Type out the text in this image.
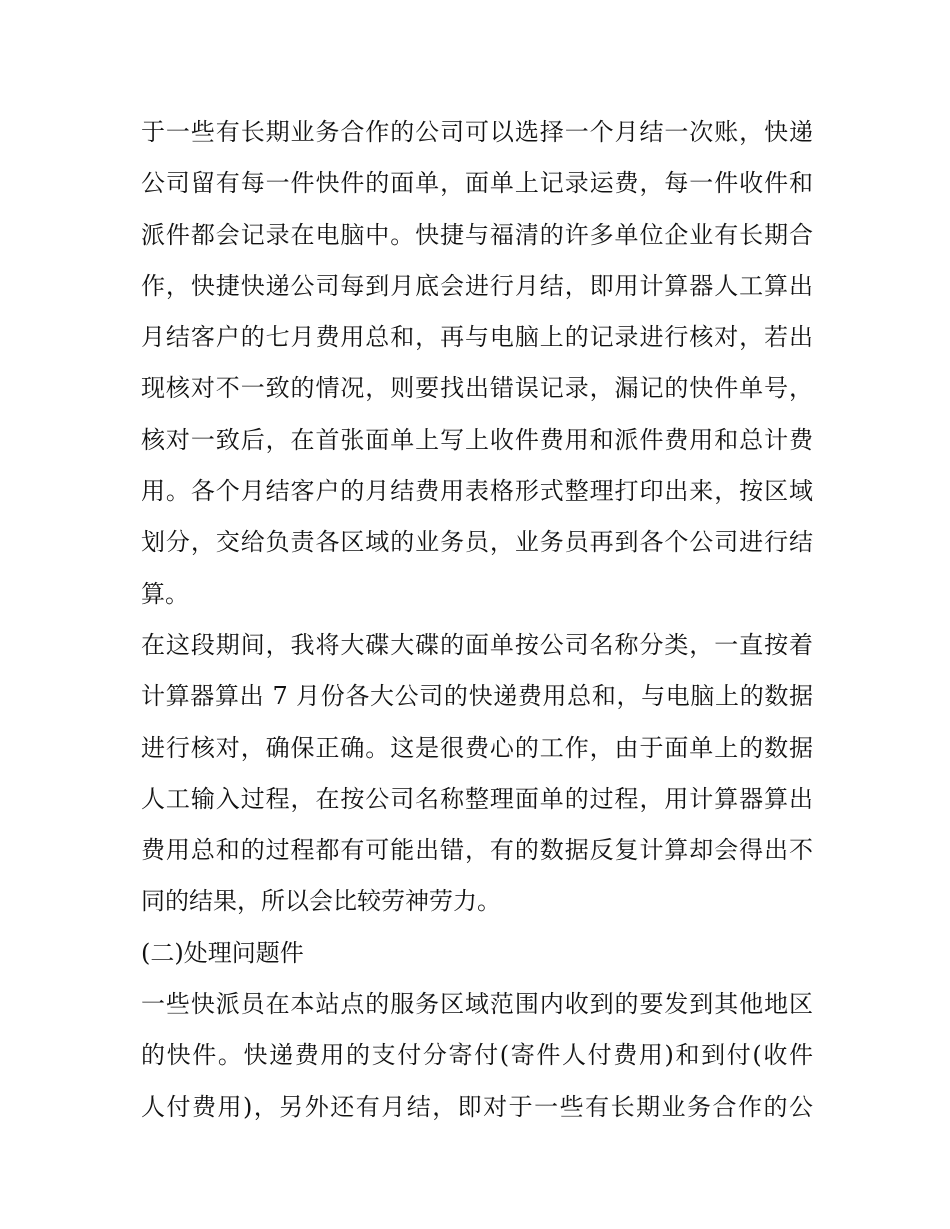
于一些有长期业务合作的公司可以选择一个月结一次账，快递
公司留有每一件快件的面单，面单上记录运费，每一件收件和
派件都会记录在电脑中。快捷与福清的许多单位企业有长期合
作，快捷快递公司每到月底会进行月结，即用计算器人工算出
月结客户的七月费用总和，再与电脑上的记录进行核对，若出
现核对不一致的情况，则要找出错误记录，漏记的快件单号，
核对一致后，在首张面单上写上收件费用和派件费用和总计费
用。各个月结客户的月结费用表格形式整理打印出来，按区域
划分，交给负责各区域的业务员，业务员再到各个公司进行结
算。
在这段期间，我将大碟大碟的面单按公司名称分类，一直按着
计算器算出 7 月份各大公司的快递费用总和，与电脑上的数据
进行核对，确保正确。这是很费心的工作，由于面单上的数据
人工输入过程，在按公司名称整理面单的过程，用计算器算出
费用总和的过程都有可能出错，有的数据反复计算却会得出不
同的结果，所以会比较劳神劳力。
(二)处理问题件
一些快派员在本站点的服务区域范围内收到的要发到其他地区
的快件。快递费用的支付分寄付(寄件人付费用)和到付(收件
人付费用)，另外还有月结，即对于一些有长期业务合作的公
